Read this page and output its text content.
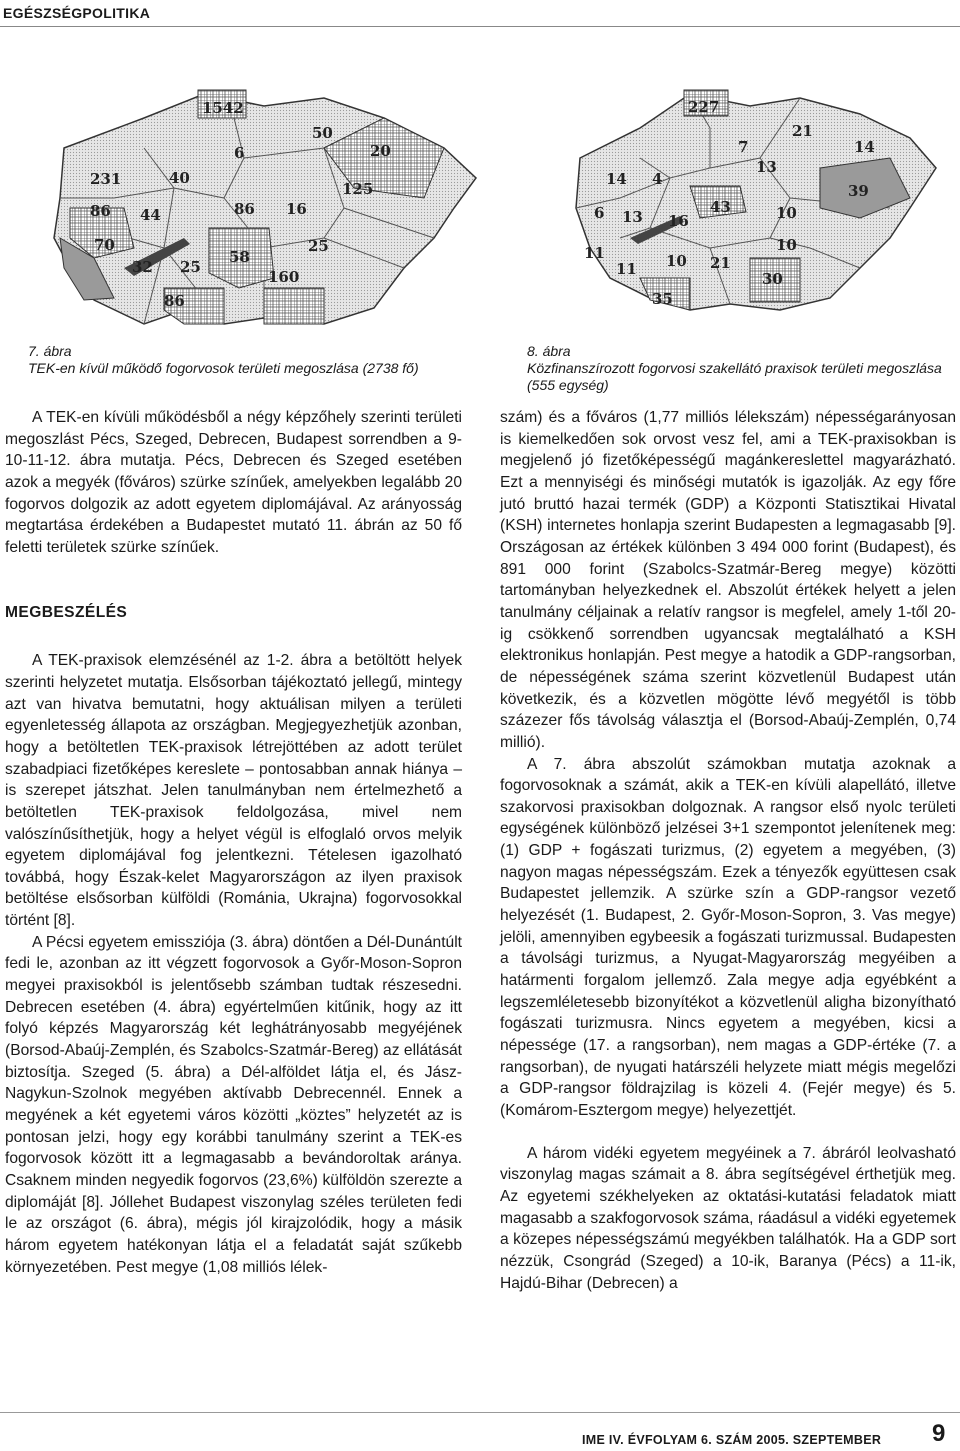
EGÉSZSÉGPOLITIKA
1542
50
6	20
231	40
125
86 44	86 16
70	25
32 25
58
160
86
227
21
7	14
13
14 4
39
6 13 16
43	10
11	10
10
11	21
30
35
7. ábra
TEK-en kívül működő fogorvosok területi megoszlása (2738 fő)
8. ábra
Közfinanszírozott fogorvosi szakellátó praxisok területi megoszlása (555 egység)

A TEK-en kívüli működésből a négy képzőhely szerinti területi megoszlást Pécs, Szeged, Debrecen, Budapest sorrendben a 9-10-11-12. ábra mutatja. Pécs, Debrecen és Szeged esetében azok a megyék (főváros) szürke színűek, amelyekben legalább 20 fogorvos dolgozik az adott egyetem diplomájával. Az arányosság megtartása érdekében a Budapestet mutató 11. ábrán az 50 fő feletti területek szürke színűek.

MEGBESZÉLÉS

A TEK-praxisok elemzésénél az 1-2. ábra a betöltött helyek szerinti helyzetet mutatja. Elsősorban tájékoztató jellegű, mintegy azt van hivatva bemutatni, hogy aktuálisan milyen a területi egyenletesség állapota az országban. Megjegyezhetjük azonban, hogy a betöltetlen TEK-praxisok létrejöttében az adott terület szabadpiaci fizetőképes kereslete – pontosabban annak hiánya – is szerepet játszhat. Jelen tanulmányban nem értelmezhető a betöltetlen TEK-praxisok feldolgozása, mivel nem valószínűsíthetjük, hogy a helyet végül is elfoglaló orvos melyik egyetem diplomájával fog jelentkezni. Tételesen igazolható továbbá, hogy Észak-kelet Magyarországon az ilyen praxisok betöltése elsősorban külföldi (Románia, Ukrajna) fogorvosokkal történt [8].

A Pécsi egyetem emissziója (3. ábra) döntően a Dél-Dunántúlt fedi le, azonban az itt végzett fogorvosok a Győr-Moson-Sopron megyei praxisokból is jelentősebb számban tudtak részesedni. Debrecen esetében (4. ábra) egyértelműen kitűnik, hogy az itt folyó képzés Magyarország két leghátrányosabb megyéjének (Borsod-Abaúj-Zemplén, és Szabolcs-Szatmár-Bereg) az ellátását biztosítja. Szeged (5. ábra) a Dél-alföldet látja el, és Jász-Nagykun-Szolnok megyében aktívabb Debrecennél. Ennek a megyének a két egyetemi város közötti „köztes” helyzetét az is pontosan jelzi, hogy egy korábbi tanulmány szerint a TEK-es fogorvosok között itt a legmagasabb a bevándoroltak aránya. Csaknem minden negyedik fogorvos (23,6%) külföldön szerezte a diplomáját [8]. Jóllehet Budapest viszonylag széles területen fedi le az országot (6. ábra), mégis jól kirajzolódik, hogy a másik három egyetem hatékonyan látja el a feladatát saját szűkebb környezetében. Pest megye (1,08 milliós lélek-

szám) és a főváros (1,77 milliós lélekszám) népességarányosan is kiemelkedően sok orvost vesz fel, ami a TEK-praxisokban is megjelenő jó fizetőképességű magánkereslettel magyarázható. Ezt a mennyiségi és minőségi mutatók is igazolják. Az egy főre jutó bruttó hazai termék (GDP) a Központi Statisztikai Hivatal (KSH) internetes honlapja szerint Budapesten a legmagasabb [9]. Országosan az értékek különben 3 494 000 forint (Budapest), és 891 000 forint (Szabolcs-Szatmár-Bereg megye) közötti tartományban helyezkednek el. Abszolút értékek helyett a jelen tanulmány céljainak a relatív rangsor is megfelel, amely 1-től 20-ig csökkenő sorrendben ugyancsak megtalálható a KSH elektronikus honlapján. Pest megye a hatodik a GDP-rangsorban, de népességének száma szerint közvetlenül Budapest után következik, és a közvetlen mögötte lévő megyétől is több százezer fős távolság választja el (Borsod-Abaúj-Zemplén, 0,74 millió).

A 7. ábra abszolút számokban mutatja azoknak a fogorvosoknak a számát, akik a TEK-en kívüli alapellátó, illetve szakorvosi praxisokban dolgoznak. A rangsor első nyolc területi egységének különböző jelzései 3+1 szempontot jelenítenek meg: (1) GDP + fogászati turizmus, (2) egyetem a megyében, (3) nagyon magas népességszám. Ezek a tényezők együttesen csak Budapestet jellemzik. A szürke szín a GDP-rangsor vezető helyezését (1. Budapest, 2. Győr-Moson-Sopron, 3. Vas megye) jelöli, amennyiben egybeesik a fogászati turizmussal. Budapesten a távolsági turizmus, a Nyugat-Magyarország megyéiben a határmenti forgalom jellemző. Zala megye adja egyébként a legszemléletesebb bizonyítékot a közvetlenül aligha bizonyítható fogászati turizmusra. Nincs egyetem a megyében, kicsi a népessége (17. a rangsorban), nem magas a GDP-értéke (7. a rangsorban), de nyugati határszéli helyzete miatt mégis megelőzi a GDP-rangsor földrajzilag is közeli 4. (Fejér megye) és 5. (Komárom-Esztergom megye) helyezettjét.

A három vidéki egyetem megyéinek a 7. ábráról leolvasható viszonylag magas számait a 8. ábra segítségével érthetjük meg. Az egyetemi székhelyeken az oktatási-kutatási feladatok miatt magasabb a szakfogorvosok száma, ráadásul a vidéki egyetemek a közepes népességszámú megyékben találhatók. Ha a GDP sort nézzük, Csongrád (Szeged) a 10-ik, Baranya (Pécs) a 11-ik, Hajdú-Bihar (Debrecen) a

IME IV. ÉVFOLYAM 6. SZÁM 2005. SZEPTEMBER 9
